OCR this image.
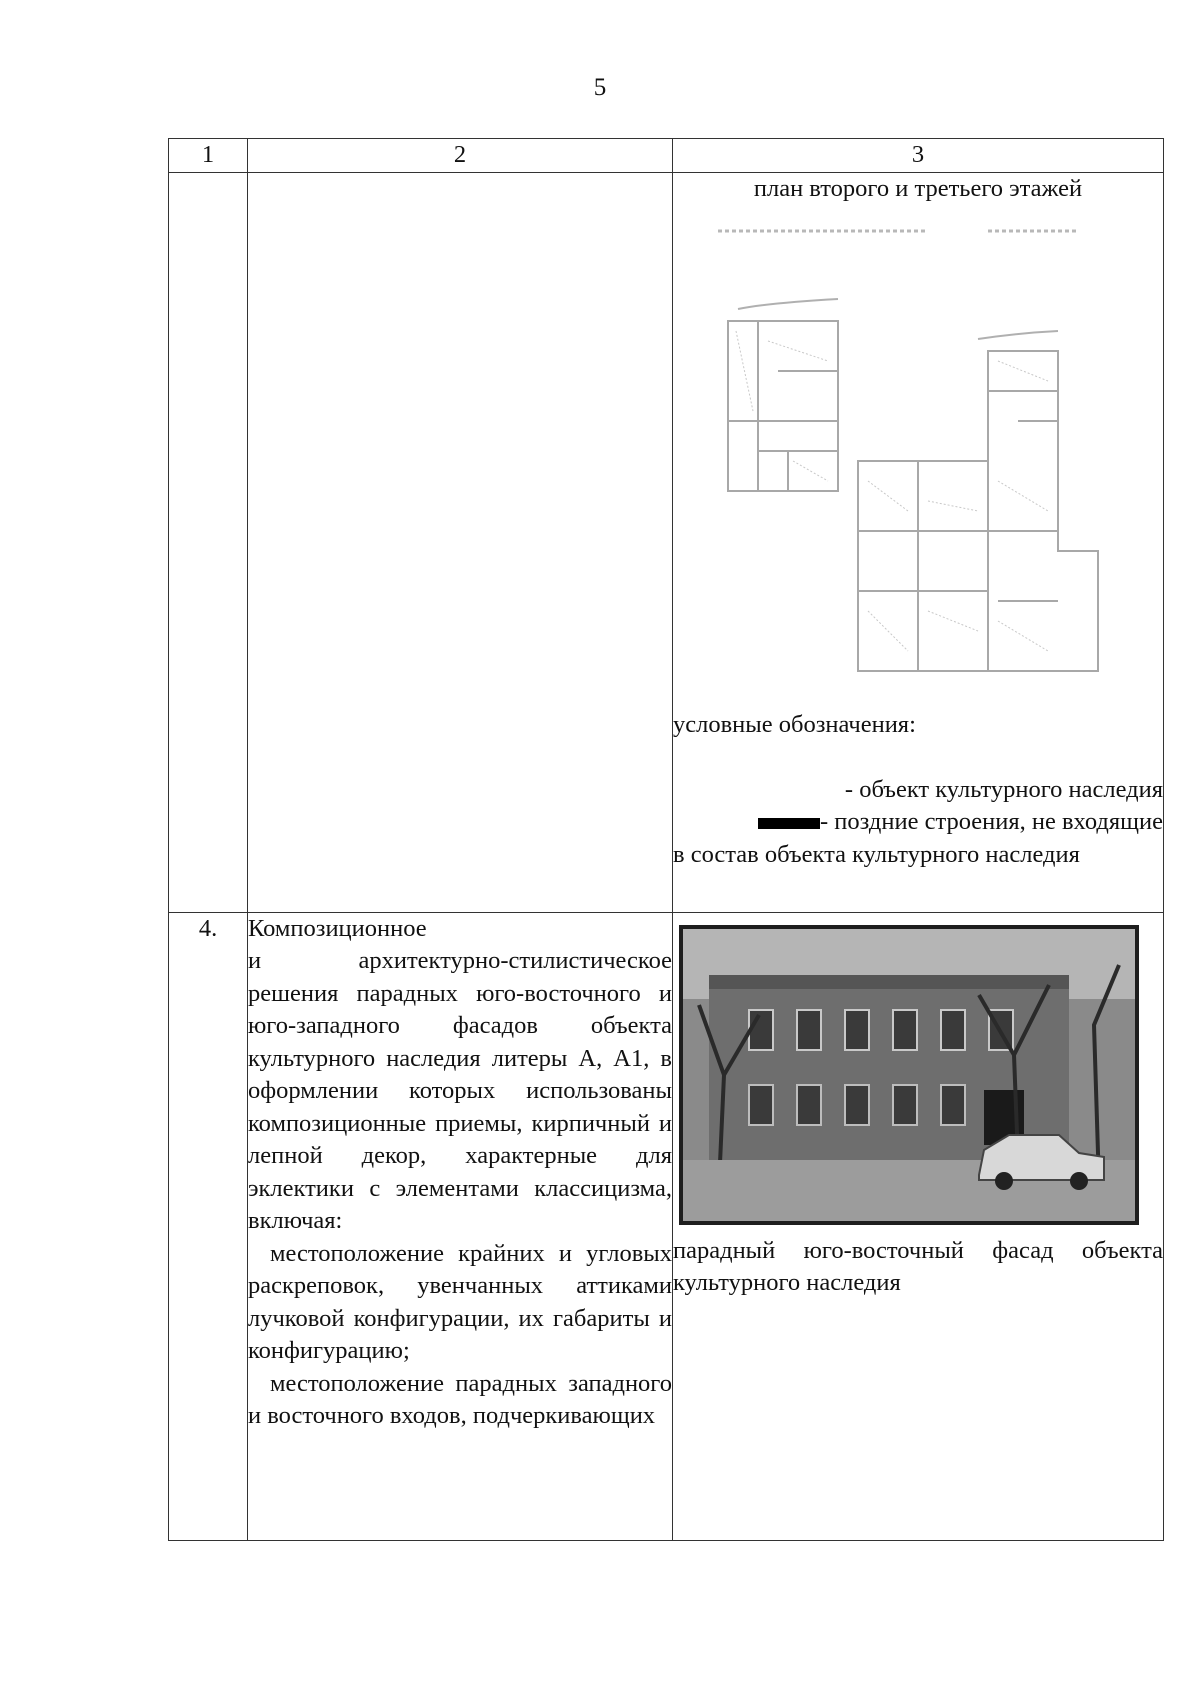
5
1	2	3

		план второго и третьего этажей
условные обозначения:
- объект культурного наследия
- поздние строения, не входящие
в состав объекта культурного наследия

4.	Композиционное
и архитектурно-стилистическое решения парадных юго-восточного и юго-западного фасадов объекта культурного наследия литеры А, А1, в оформлении которых использованы композиционные приемы, кирпичный и лепной декор, характерные для эклектики с элементами классицизма, включая:
местоположение крайних и угловых раскреповок, увенчанных аттиками лучковой конфигурации, их габариты и конфигурацию;
местоположение парадных западного и восточного входов, подчеркивающих	парадный юго-восточный фасад объекта культурного наследия
